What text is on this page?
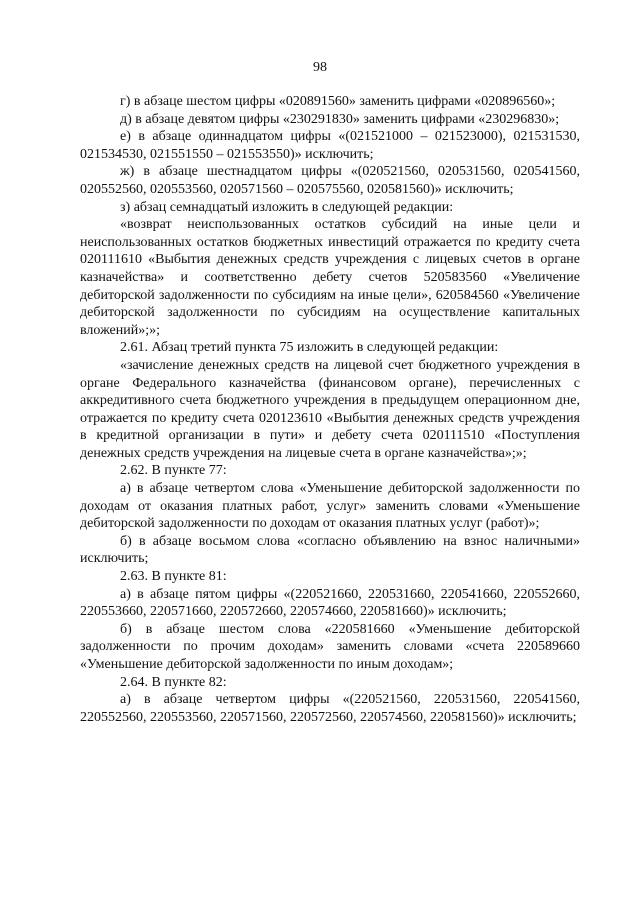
98

г) в абзаце шестом цифры «020891560» заменить цифрами «020896560»;

д) в абзаце девятом цифры «230291830» заменить цифрами «230296830»;

е) в абзаце одиннадцатом цифры «(021521000 – 021523000), 021531530, 021534530, 021551550 – 021553550)» исключить;

ж) в абзаце шестнадцатом цифры «(020521560, 020531560, 020541560, 020552560, 020553560, 020571560 – 020575560, 020581560)» исключить;

з) абзац семнадцатый изложить в следующей редакции:

«возврат неиспользованных остатков субсидий на иные цели и неиспользованных остатков бюджетных инвестиций отражается по кредиту счета 020111610 «Выбытия денежных средств учреждения с лицевых счетов в органе казначейства» и соответственно дебету счетов 520583560 «Увеличение дебиторской задолженности по субсидиям на иные цели», 620584560 «Увеличение дебиторской задолженности по субсидиям на осуществление капитальных вложений»;»;

2.61. Абзац третий пункта 75 изложить в следующей редакции:

«зачисление денежных средств на лицевой счет бюджетного учреждения в органе Федерального казначейства (финансовом органе), перечисленных с аккредитивного счета бюджетного учреждения в предыдущем операционном дне, отражается по кредиту счета 020123610 «Выбытия денежных средств учреждения в кредитной организации в пути» и дебету счета 020111510 «Поступления денежных средств учреждения на лицевые счета в органе казначейства»;»;

2.62. В пункте 77:

а) в абзаце четвертом слова «Уменьшение дебиторской задолженности по доходам от оказания платных работ, услуг» заменить словами «Уменьшение дебиторской задолженности по доходам от оказания платных услуг (работ)»;

б) в абзаце восьмом слова «согласно объявлению на взнос наличными» исключить;

2.63. В пункте 81:

а) в абзаце пятом цифры «(220521660, 220531660, 220541660, 220552660, 220553660, 220571660, 220572660, 220574660, 220581660)» исключить;

б) в абзаце шестом слова «220581660 «Уменьшение дебиторской задолженности по прочим доходам» заменить словами «счета 220589660 «Уменьшение дебиторской задолженности по иным доходам»;

2.64. В пункте 82:

а) в абзаце четвертом цифры «(220521560, 220531560, 220541560, 220552560, 220553560, 220571560, 220572560, 220574560, 220581560)» исключить;
